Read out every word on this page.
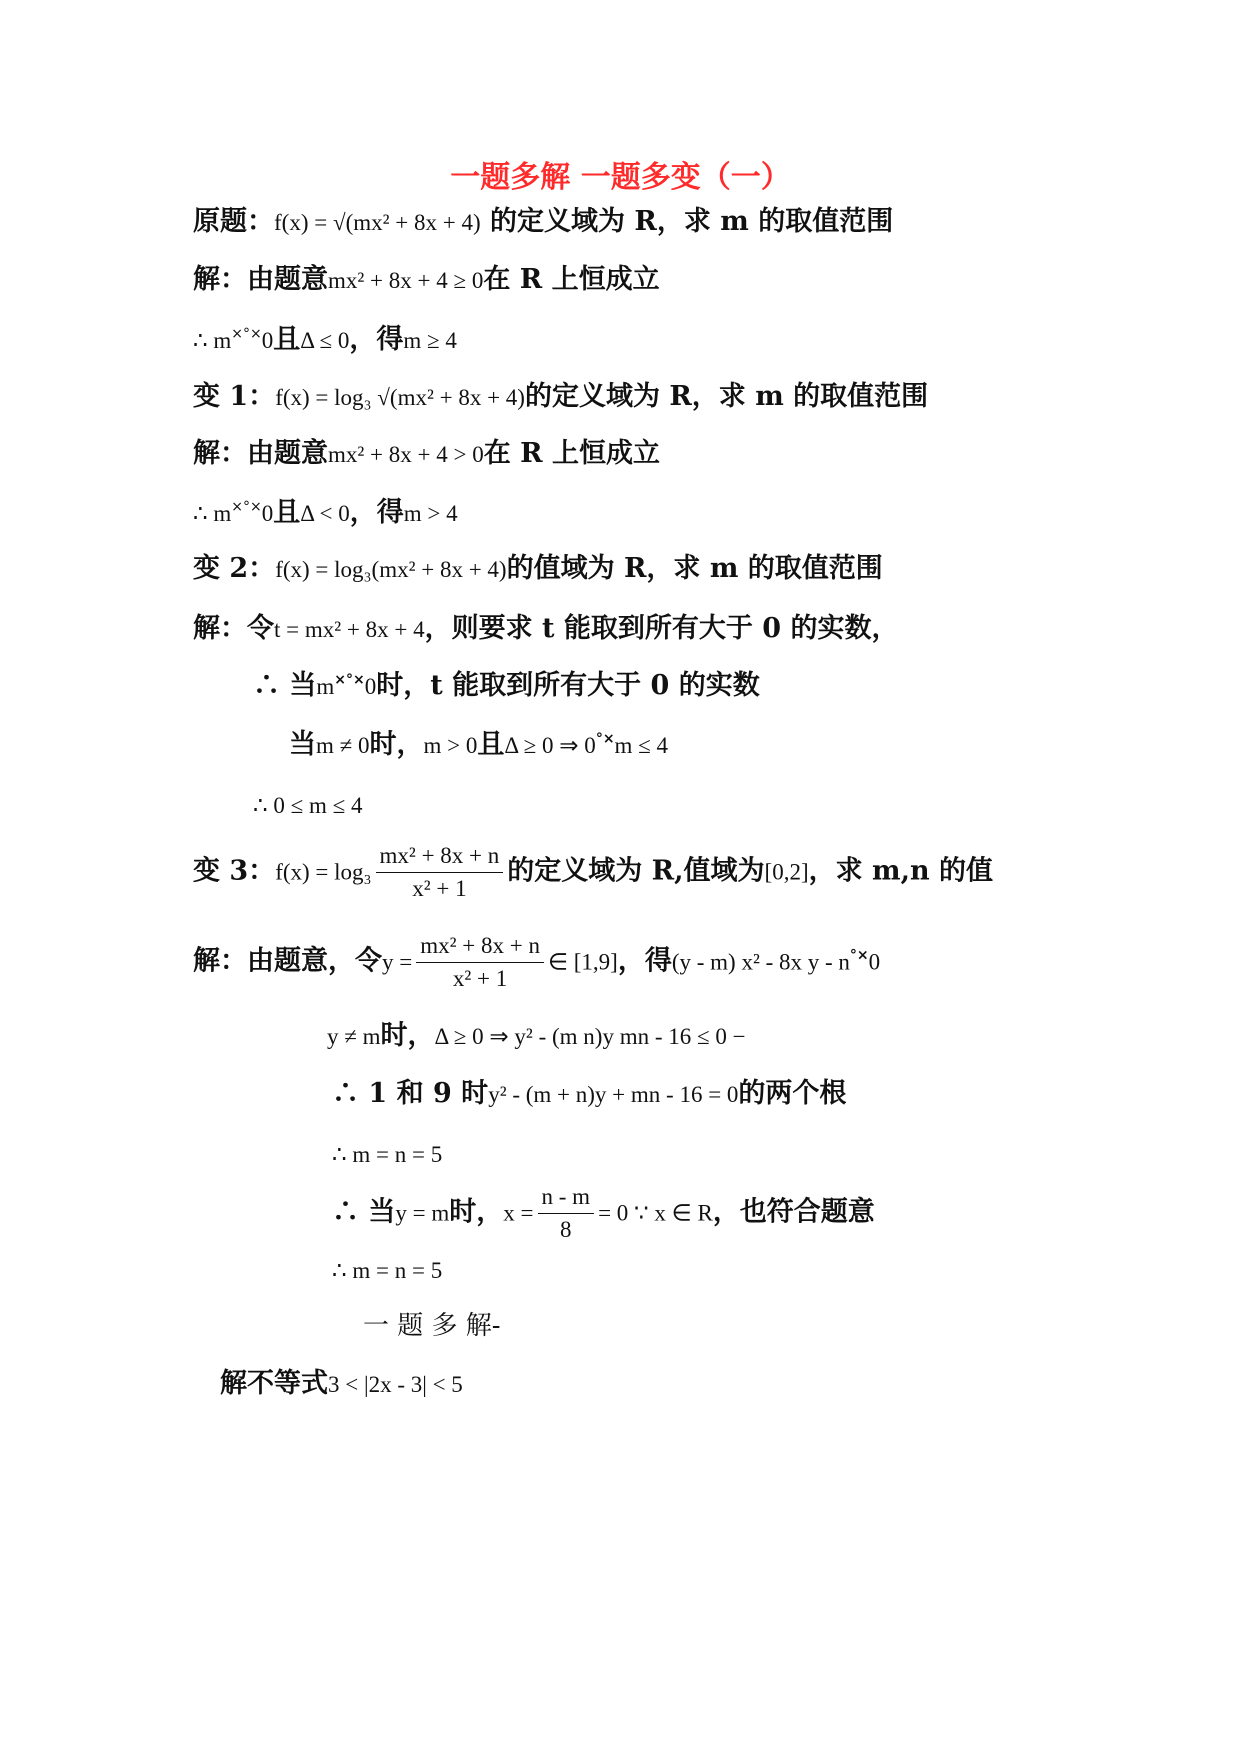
一题多解 一题多变（一）
原题：f(x) = √(mx² + 8x + 4) 的定义域为 R，求 m 的取值范围
解：由题意mx² + 8x + 4 ≥ 0在 R 上恒成立
∴ m×°×0且Δ ≤ 0，得m ≥ 4
变 1：f(x) = log₃ √(mx² + 8x + 4)的定义域为 R，求 m 的取值范围
解：由题意mx² + 8x + 4 > 0在 R 上恒成立
∴ m×°×0且Δ < 0，得m > 4
变 2：f(x) = log₃(mx² + 8x + 4)的值域为 R，求 m 的取值范围
解：令t = mx² + 8x + 4，则要求 t 能取到所有大于 0 的实数，
∴ 当m×°×0时，t 能取到所有大于 0 的实数
当m ≠ 0时，m > 0且Δ ≥ 0 ⇒ 0°×m ≤ 4
∴ 0 ≤ m ≤ 4
变 3：$f(x) = \log_3 \frac{\text{mx² + 8x + n}}{\text{x² + 1}}$ 的定义域为 R,值域为[0,2]，求 m,n 的值
解：由题意，令$y = \frac{\text{mx² + 8x + n}}{\text{x² + 1}}$ ∈ [1,9]，得(y - m) x² - 8x y - n°×0
y ≠ m时，Δ ≥ 0 ⇒ y² - (m n)y mn - 16 ≤ 0 −
∴ 1 和 9 时y² - (m + n)y + mn - 16 = 0的两个根
∴ m = n = 5
∴ 当y = m时，$x = \frac{n - m}{8} = 0$ ∵ x ∈ R，也符合题意
∴ m = n = 5
一 题 多 解-
解不等式3 < |2x - 3| < 5
